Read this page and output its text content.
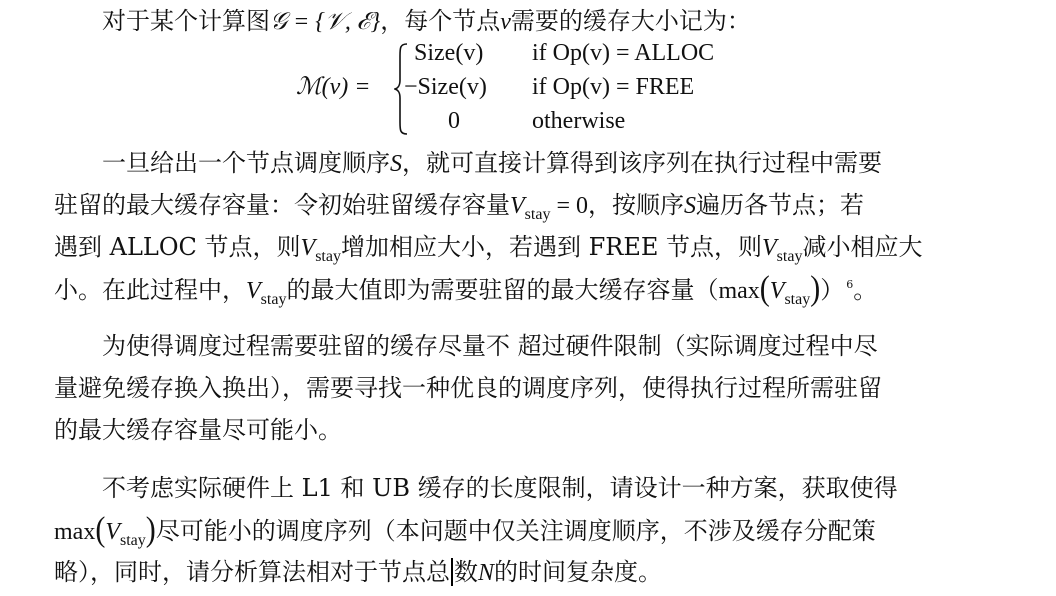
对于某个计算图𝒢 = {𝒱, ℰ}，每个节点v需要的缓存大小记为：
ℳ(v) =
Size(v) if Op(v) = ALLOC
−Size(v) if Op(v) = FREE
0	otherwise
一旦给出一个节点调度顺序S，就可直接计算得到该序列在执行过程中需要
驻留的最大缓存容量：令初始驻留缓存容量$V_{stay} = 0$，按顺序S遍历各节点；若
遇到 ALLOC 节点，则$V_{stay}$增加相应大小，若遇到 FREE 节点，则$V_{stay}$减小相应大
小。在此过程中，$V_{stay}$的最大值即为需要驻留的最大缓存容量$(\max(V_{stay}))$ $^6$。
为使得调度过程需要驻留的缓存尽量不 超过硬件限制（实际调度过程中尽
量避免缓存换入换出），需要寻找一种优良的调度序列，使得执行过程所需驻留
的最大缓存容量尽可能小。
不考虑实际硬件上 L1 和 UB 缓存的长度限制，请设计一种方案，获取使得
$\max(V_{stay})$尽可能小的调度序列（本问题中仅关注调度顺序，不涉及缓存分配策
略），同时，请分析算法相对于节点总 数N的时间复杂度。
